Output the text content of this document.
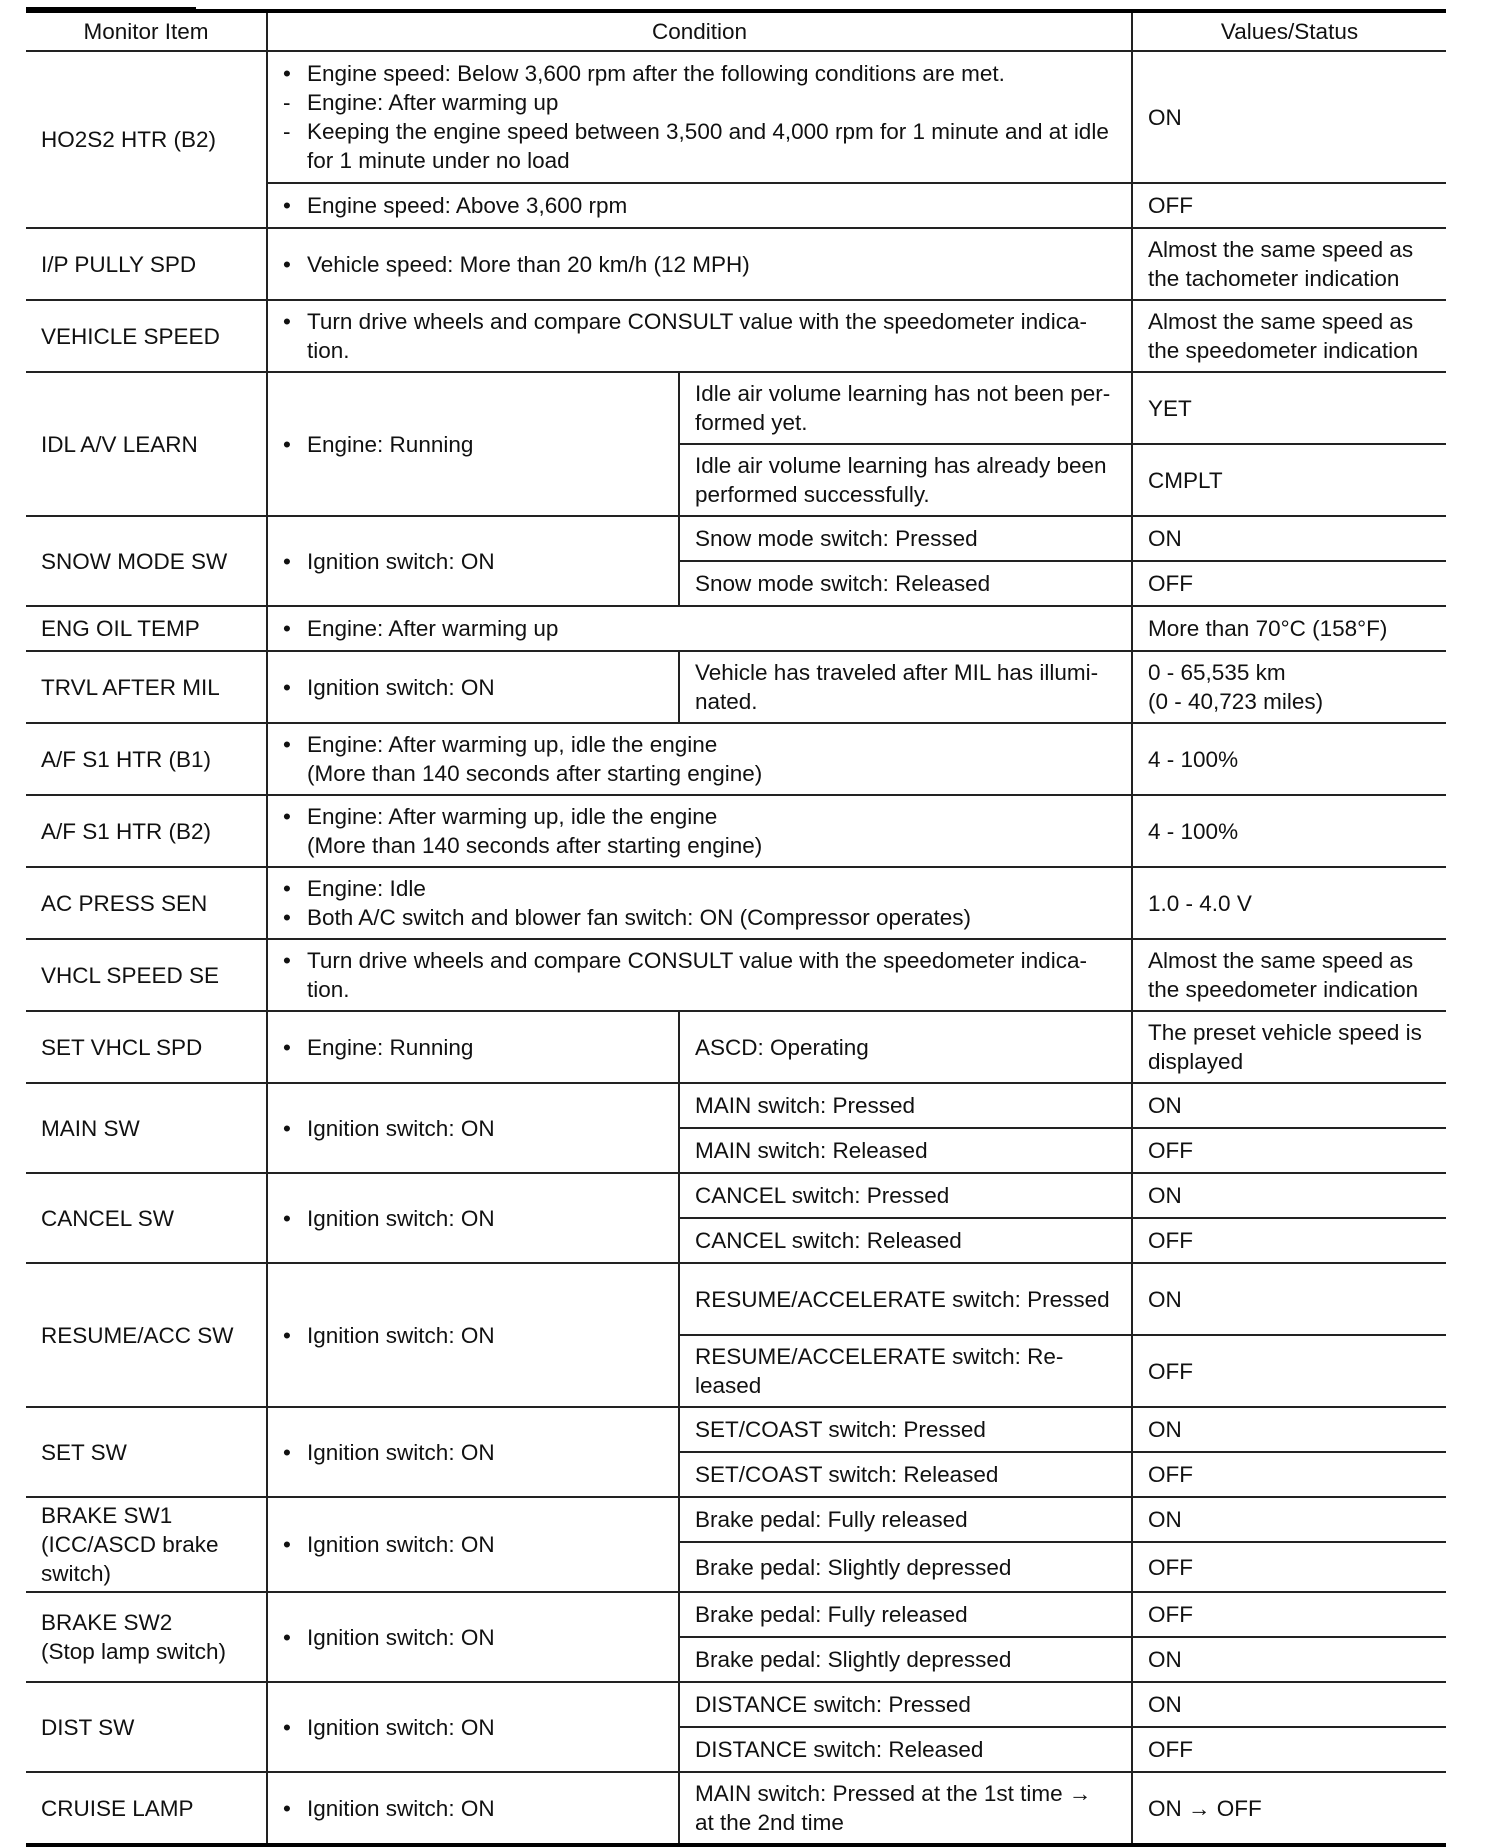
Monitor Item	Condition		Values/Status
HO2S2 HTR (B2)	• Engine speed: Below 3,600 rpm after the following conditions are met.
- Engine: After warming up
- Keeping the engine speed between 3,500 and 4,000 rpm for 1 minute and at idle for 1 minute under no load		ON

	• Engine speed: Above 3,600 rpm		OFF
I/P PULLY SPD	• Vehicle speed: More than 20 km/h (12 MPH)		Almost the same speed as the tachometer indication
VEHICLE SPEED	• Turn drive wheels and compare CONSULT value with the speedometer indica-tion.		Almost the same speed as the speedometer indication
IDL A/V LEARN	• Engine: Running	Idle air volume learning has not been per-formed yet.	YET
		Idle air volume learning has already been performed successfully.	CMPLT
SNOW MODE SW	• Ignition switch: ON	Snow mode switch: Pressed	ON
		Snow mode switch: Released	OFF
ENG OIL TEMP	• Engine: After warming up		More than 70°C (158°F)
TRVL AFTER MIL	• Ignition switch: ON	Vehicle has traveled after MIL has illumi-nated.	0 - 65,535 km
(0 - 40,723 miles)

A/F S1 HTR (B1)	• Engine: After warming up, idle the engine
(More than 140 seconds after starting engine)		4 - 100%
A/F S1 HTR (B2)	• Engine: After warming up, idle the engine
(More than 140 seconds after starting engine)		4 - 100%
AC PRESS SEN	• Engine: Idle
• Both A/C switch and blower fan switch: ON (Compressor operates)		1.0 - 4.0 V
VHCL SPEED SE	• Turn drive wheels and compare CONSULT value with the speedometer indica-tion.		Almost the same speed as the speedometer indication
SET VHCL SPD	• Engine: Running	ASCD: Operating	The preset vehicle speed is displayed
MAIN SW	• Ignition switch: ON	MAIN switch: Pressed	ON
		MAIN switch: Released	OFF
CANCEL SW	• Ignition switch: ON	CANCEL switch: Pressed	ON
		CANCEL switch: Released	OFF
RESUME/ACC SW	• Ignition switch: ON	RESUME/ACCELERATE switch: Pressed	ON
		RESUME/ACCELERATE switch: Re-leased	OFF
SET SW	• Ignition switch: ON	SET/COAST switch: Pressed	ON
		SET/COAST switch: Released	OFF
BRAKE SW1 (ICC/ASCD brake switch)	• Ignition switch: ON	Brake pedal: Fully released	ON
		Brake pedal: Slightly depressed	OFF

BRAKE SW2
(Stop lamp switch)	• Ignition switch: ON	Brake pedal: Fully released	OFF
		Brake pedal: Slightly depressed	ON
DIST SW	• Ignition switch: ON	DISTANCE switch: Pressed	ON
		DISTANCE switch: Released	OFF
CRUISE LAMP	• Ignition switch: ON	MAIN switch: Pressed at the 1st time → at the 2nd time	ON → OFF
